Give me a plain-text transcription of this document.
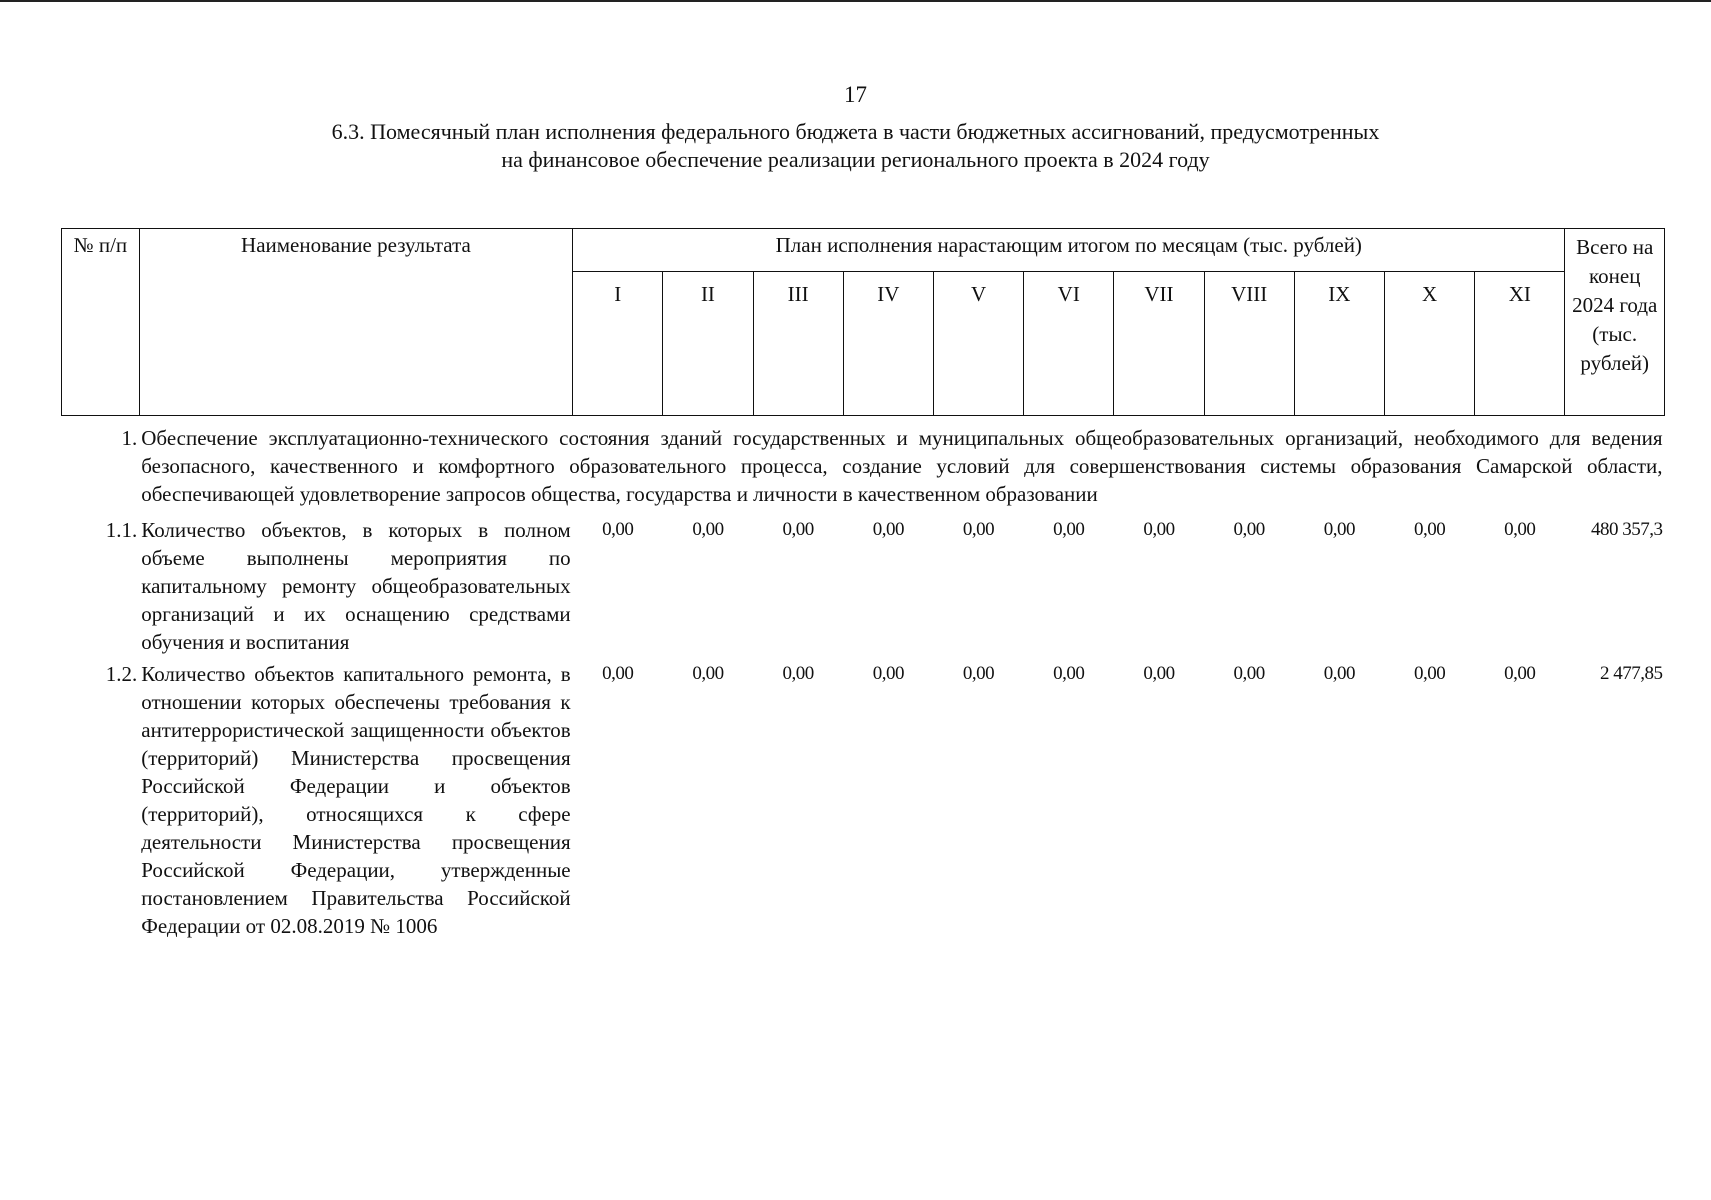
17
6.3. Помесячный план исполнения федерального бюджета в части бюджетных ассигнований, предусмотренных
на финансовое обеспечение реализации регионального проекта в 2024 году
№ п/п	Наименование результата	План исполнения нарастающим итогом по месяцам (тыс. рублей)											Всего на конец 2024 года (тыс. рублей)
		I	II	III	IV	V	VI	VII	VIII	IX	X	XI	
1.	Обеспечение эксплуатационно-технического состояния зданий государственных и муниципальных общеобразовательных организаций, необходимого для ведения безопасного, качественного и комфортного образовательного процесса, создание условий для совершенствования системы образования Самарской области, обеспечивающей удовлетворение запросов общества, государства и личности в качественном образовании												
1.1.	Количество объектов, в которых в полном объеме выполнены мероприятия по капитальному ремонту общеобразовательных организаций и их оснащению средствами обучения и воспитания	0,00	0,00	0,00	0,00	0,00	0,00	0,00	0,00	0,00	0,00	0,00	480 357,3
1.2.	Количество объектов капитального ремонта, в отношении которых обеспечены требования к антитеррористической защищенности объектов (территорий) Министерства просвещения Российской Федерации и объектов (территорий), относящихся к сфере деятельности Министерства просвещения Российской Федерации, утвержденные постановлением Правительства Российской Федерации от 02.08.2019 № 1006	0,00	0,00	0,00	0,00	0,00	0,00	0,00	0,00	0,00	0,00	0,00	2 477,85
